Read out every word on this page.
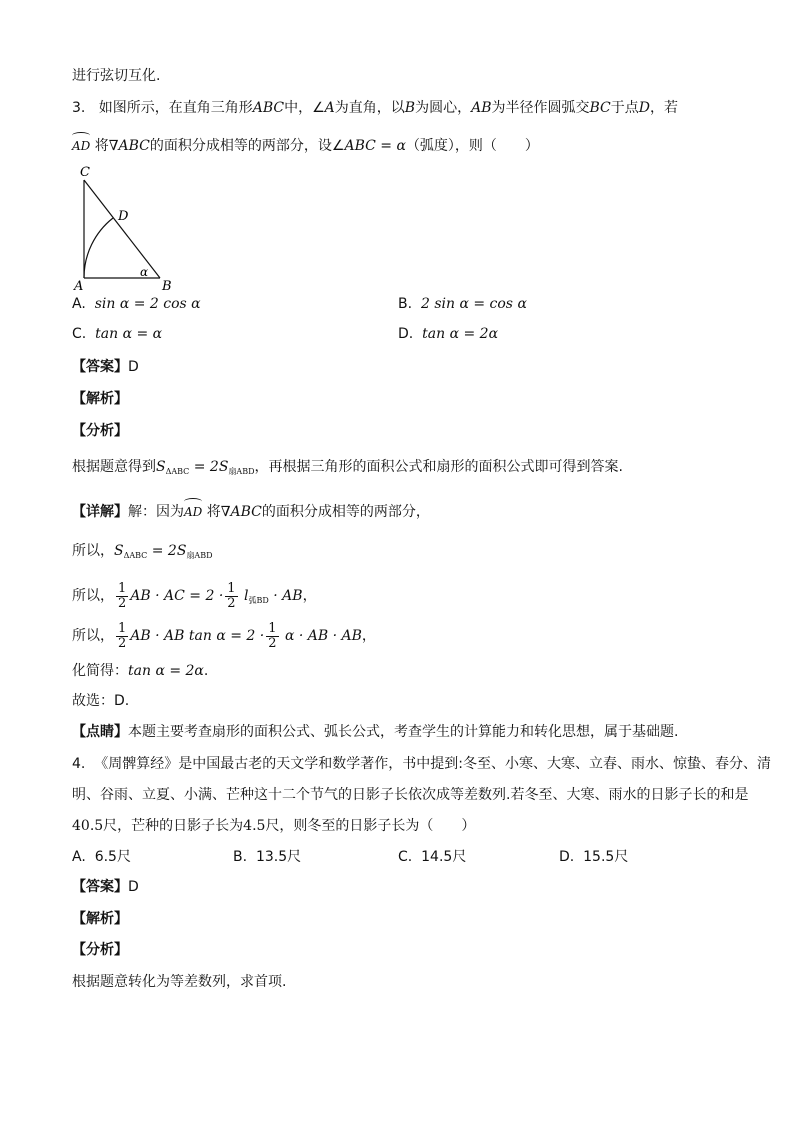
进行弦切互化.
3. 如图所示，在直角三角形ABC中，∠A为直角，以B为圆心，AB为半径作圆弧交BC于点D，若
AD 将∇ABC的面积分成相等的两部分，设∠ABC = α（弧度），则（　　）
C
D
A	B
α
A. sin α = 2 cos α	B. 2 sin α = cos α
C. tan α = α	D. tan α = 2α
【答案】D
【解析】
【分析】
根据题意得到$S_{\Delta ABC} = 2S_{扇ABD}$，再根据三角形的面积公式和扇形的面积公式即可得到答案.
【详解】解：因为AD 将∇ABC的面积分成相等的两部分，
所以，$S_{\Delta ABC} = 2S_{扇ABD}$
所以， $\frac{1}{2}$ AB · AC = $2 \cdot \frac{1}{2} l_{弧BD}$ · AB，
所以， $\frac{1}{2}$ AB · AB $\tan \alpha = 2 \cdot \frac{1}{2}$ α · AB · AB，
化简得：tan α = 2α.
故选：D.
【点睛】本题主要考查扇形的面积公式、弧长公式，考查学生的计算能力和转化思想，属于基础题.
4. 《周髀算经》是中国最古老的天文学和数学著作，书中提到:冬至、小寒、大寒、立春、雨水、惊蛰、春分、清
明、谷雨、立夏、小满、芒种这十二个节气的日影子长依次成等差数列.若冬至、大寒、雨水的日影子长的和是
40.5尺，芒种的日影子长为4.5尺，则冬至的日影子长为（　　）
A. 6.5尺	B. 13.5尺	C. 14.5尺	D. 15.5尺
【答案】D
【解析】
【分析】
根据题意转化为等差数列，求首项.
